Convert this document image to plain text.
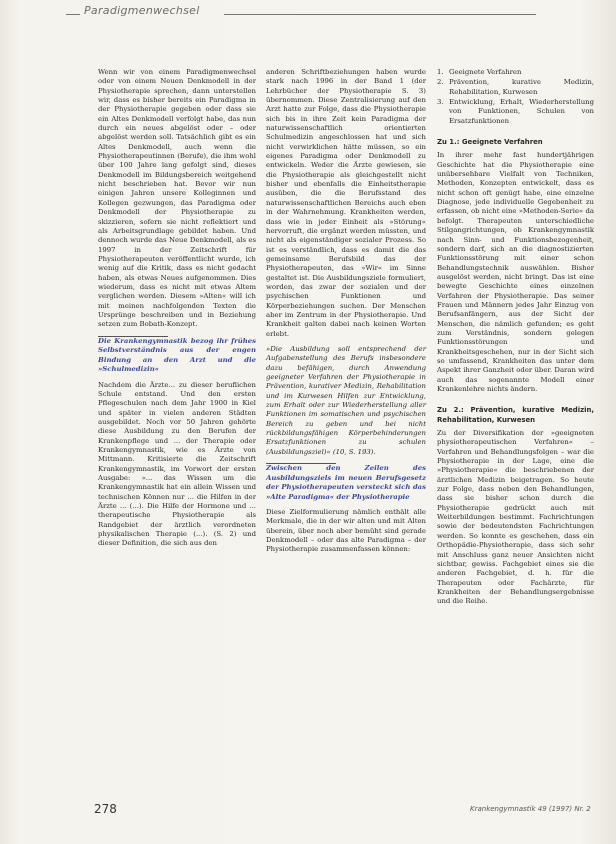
Paradigmenwechsel

Wenn wir von einem Paradigmenwechsel oder von einem Neuen Denkmodell in der Physiotherapie sprechen, dann unterstellen wir, dass es bisher bereits ein Paradigma in der Physiotherapie gegeben oder dass sie ein Altes Denkmodell verfolgt habe, das nun durch ein neues abgelöst oder – oder abgelöst werden soll. Tatsächlich gibt es ein Altes Denkmodell, auch wenn die Physiotherapeutinnen (Berufe), die ihm wohl über 100 Jahre lang gefolgt sind, dieses Denkmodell im Bildungsbereich weitgehend nicht beschrieben hat. Bevor wir nun einigen Jahren unsere Kolleginnen und Kollegen gezwungen, das Paradigma oder Denkmodell der Physiotherapie zu skizzieren, sofern sie nicht reflektiert und als Arbeitsgrundlage gebildet haben. Und dennoch wurde das Neue Denkmodell, als es 1997 in der Zeitschrift für Physiotherapeuten veröffentlicht wurde, ich wenig auf die Kritik, dass es nicht gedacht haben, als etwas Neues aufgenommen. Dies wiederum, dass es nicht mit etwas Altem verglichen werden. Diesem »Alten« will ich mit meinen nachfolgenden Texten die Ursprünge beschreiben und in Beziehung setzen zum Bobath-Konzept.

Die Krankengymnastik bezog ihr frühes Selbstverständnis aus der engen Bindung an den Arzt und die »Schulmedizin«

Nachdem die Ärzte... zu dieser beruflichen Schule entstand. Und den ersten Pflegeschulen nach dem Jahr 1900 in Kiel und später in vielen anderen Städten ausgebildet. Noch vor 50 Jahren gehörte diese Ausbildung zu den Berufen der Krankenpflege und ... der Therapie oder Krankengymnastik, wie es Ärzte von Mittmann. Kritisierte die Zeitschrift Krankengymnastik, im Vorwort der ersten Ausgabe: »... das Wissen um die Krankengymnastik hat ein allein Wissen und technischen Können nur ... die Hilfen in der Ärzte ... (...). Die Hilfe der Hormone und ... therapeutische Physiotherapie als Randgebiet der ärztlich verordneten physikalischen Therapie (...). (S. 2) und dieser Definition, die sich aus den

anderen Schriftbeziehungen haben wurde stark nach 1996 in der Band 1 (der Lehrbücher der Physiotherapie S. 3) übernommen. Diese Zentralisierung auf den Arzt hatte zur Folge, dass die Physiotherapie sich bis in ihre Zeit kein Paradigma der naturwissenschaftlich orientierten Schulmedizin angeschlossen hat und sich nicht verwirklichen hätte müssen, so ein eigenes Paradigma oder Denkmodell zu entwickeln. Weder die Ärzte gewiesen, sie die Physiotherapie als gleichgestellt nicht bisher und ebenfalls die Einheitstherapie ausüben, die die Berufsstand des naturwissenschaftlichen Bereichs auch eben in der Wahrnehmung. Krankheiten werden, dass wie in jeder Einheit als »Störung« hervorruft, die ergänzt werden müssten, und nicht als eigenständiger sozialer Prozess. So ist es verständlich, dass es damit die das gemeinsame Berufsbild das der Physiotherapeuten, das »Wir« im Sinne gestaltet ist. Die Ausbildungsziele formuliert, worden, das zwar der sozialen und der psychischen Funktionen und Körperbeziehungen suchen. Der Menschen aber im Zentrum in der Physiotherapie. Und Krankheit galten dabei nach keinen Worten erlebt.

»Die Ausbildung soll entsprechend der Aufgabenstellung des Berufs insbesondere dazu befähigen, durch Anwendung geeigneter Verfahren der Physiotherapie in Prävention, kurativer Medizin, Rehabilitation und im Kurwesen Hilfen zur Entwicklung, zum Erhalt oder zur Wiederherstellung aller Funktionen im somatischen und psychischen Bereich zu geben und bei nicht rückbildungsfähigen Körperbehinderungen Ersatzfunktionen zu schulen (Ausbildungsziel)« (10, S. 193).

Zwischen den Zeilen des Ausbildungsziels im neuen Berufsgesetz der Physiotherapeuten versteckt sich das »Alte Paradigma« der Physiotherapie

Diese Zielformulierung nämlich enthält alle Merkmale, die in der wir alten und mit Alten überein, über noch aber bemüht sind gerade Denkmodell – oder das alte Paradigma – der Physiotherapie zusammenfassen können:

1. Geeignete Verfahren
2. Prävention, kurative Medizin, Rehabilitation, Kurwesen
3. Entwicklung, Erhalt, Wiederherstellung von Funktionen, Schulen von Ersatzfunktionen
Zu 1.: Geeignete Verfahren

In ihrer mehr fast hundertjährigen Geschichte hat die Physiotherapie eine unübersehbare Vielfalt von Techniken, Methoden, Konzepten entwickelt, dass es nicht schon oft genügt habe, eine einzelne Diagnose, jede individuelle Gegebenheit zu erfassen, ob nicht eine »Methoden-Serie« da befolgt. Therapeuten unterschiedliche Stilgangrichtungen, ob Krankengymnastik nach Sinn- und Funktionsbezogenheit, sondern darf, sich an die diagnostizierten Funktionsstörung mit einer schon Behandlungstechnik auswählen. Bisher ausgelöst werden, nicht bringt. Das ist eine bewegte Geschichte eines einzelnen Verfahren der Physiotherapie. Das seiner Frauen und Männern jedes Jahr Einzug von Berufsanfängern, aus der Sicht der Menschen, die nämlich gefunden; es geht zum Verständnis, sondern gelegen Funktionsstörungen und Krankheitsgeschehen, nur in der Sicht sich so umfassend, Krankheiten das unter dem Aspekt ihrer Ganzheit oder über. Daran wird auch das sogenannte Modell einer Krankenlehre nichts ändern.

Zu 2.: Prävention, kurative Medizin, Rehabilitation, Kurwesen

Zu der Diversifikation der »geeigneten physiotherapeutischen Verfahren« – Verfahren und Behandlungsfolgen – war die Physiotherapie in der Lage, eine die »Physiotherapie« die beschriebenen der ärztlichen Medizin beigetragen. So heute zur Folge, dass neben den Behandlungen, dass sie bisher schon durch die Physiotherapie gedrückt auch mit Weiterbildungen bestimmt. Fachrichtungen sowie der bedeutendsten Fachrichtungen werden. So konnte es geschehen, dass ein Orthopädie-Physiotherapie, dass sich sehr mit Anschluss ganz neuer Ansichten nicht sichtbar, gewiss. Fachgebiet eines sie die anderen Fachgebiet, d. h. für die Therapeuten oder Fachärzte, für Krankheiten der Behandlungsergebnisse und die Reihe.

278	Krankengymnastik 49 (1997) Nr. 2
